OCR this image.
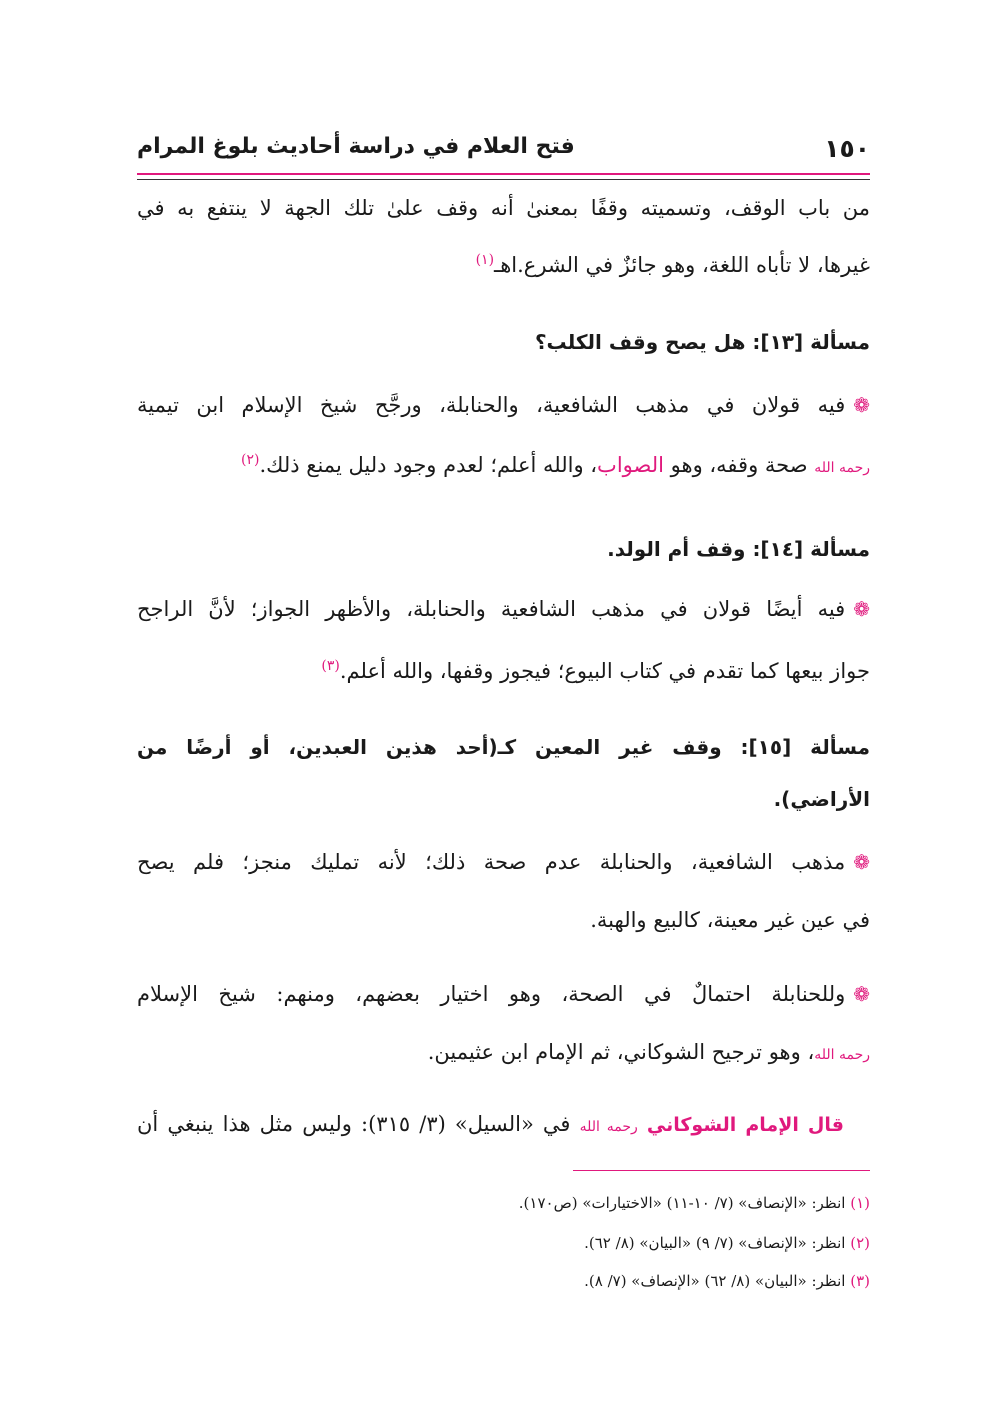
١٥٠
فتح العلام في دراسة أحاديث بلوغ المرام
من باب الوقف، وتسميته وقفًا بمعنىٰ أنه وقف علىٰ تلك الجهة لا ينتفع به في
غيرها، لا تأباه اللغة، وهو جائزٌ في الشرع.اهـ$^{(١)}$
مسألة [١٣]: هل يصح وقف الكلب؟
❁فيه قولان في مذهب الشافعية، والحنابلة، ورجَّح شيخ الإسلام ابن تيمية
رحمه الله صحة وقفه، وهو الصواب، والله أعلم؛ لعدم وجود دليل يمنع ذلك.$^{(٢)}$
مسألة [١٤]: وقف أم الولد.
❁فيه أيضًا قولان في مذهب الشافعية والحنابلة، والأظهر الجواز؛ لأنَّ الراجح
جواز بيعها كما تقدم في كتاب البيوع؛ فيجوز وقفها، والله أعلم.$^{(٣)}$
مسألة [١٥]: وقف غير المعين كـ(أحد هذين العبدين، أو أرضًا من
الأراضي).
❁مذهب الشافعية، والحنابلة عدم صحة ذلك؛ لأنه تمليك منجز؛ فلم يصح
في عين غير معينة، كالبيع والهبة.
❁وللحنابلة احتمالٌ في الصحة، وهو اختيار بعضهم، ومنهم: شيخ الإسلام
رحمه الله، وهو ترجيح الشوكاني، ثم الإمام ابن عثيمين.
قال الإمام الشوكاني رحمه الله في «السيل» (٣/ ٣١٥): وليس مثل هذا ينبغي أن
(١) انظر: «الإنصاف» (٧/ ١٠-١١) «الاختيارات» (ص١٧٠).
(٢) انظر: «الإنصاف» (٧/ ٩) «البيان» (٨/ ٦٢).
(٣) انظر: «البيان» (٨/ ٦٢) «الإنصاف» (٧/ ٨).
